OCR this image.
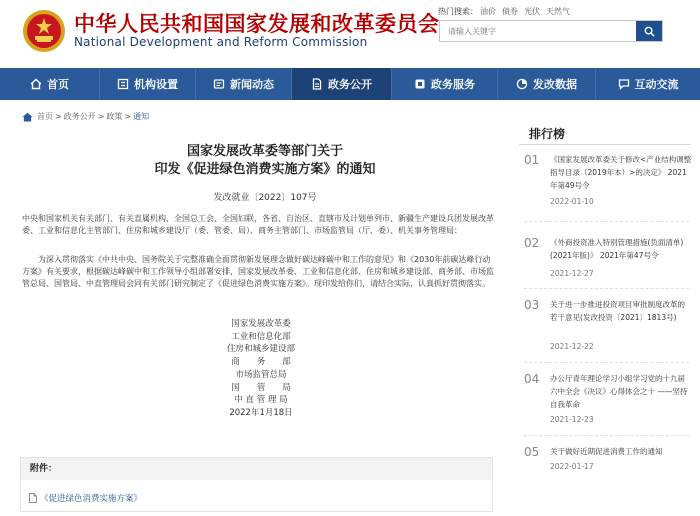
中华人民共和国国家发展和改革委员会
National Development and Reform Commission
热门搜索： 油价 债券 光伏 天然气
请输入关键字
首页	机构设置	新闻动态	政务公开	政务服务	发改数据	互动交流
首页 > 政务公开 > 政策 > 通知
国家发展改革委等部门关于
印发《促进绿色消费实施方案》的通知
发改就业〔2022〕107号
中央和国家机关有关部门、有关直属机构，全国总工会、全国妇联，各省、自治区、直辖市及计划单列市、新疆生产建设兵团发展改革委、工业和信息化主管部门、住房和城乡建设厅（委、管委、局）、商务主管部门、市场监管局（厅、委）、机关事务管理局：
为深入贯彻落实《中共中央、国务院关于完整准确全面贯彻新发展理念做好碳达峰碳中和工作的意见》和《2030年前碳达峰行动方案》有关要求，根据碳达峰碳中和工作领导小组部署安排，国家发展改革委、工业和信息化部、住房和城乡建设部、商务部、市场监管总局、国管局、中直管理局会同有关部门研究制定了《促进绿色消费实施方案》。现印发给你们，请结合实际，认真抓好贯彻落实。
国家发展改革委
工业和信息化部
住房和城乡建设部
商　　务　　部
市场监管总局
国　　管　　局
中 直 管 理 局
2022年1月18日
附件：
《促进绿色消费实施方案》
排行榜
01 《国家发展改革委关于修改<产业结构调整指导目录（2019年本）>的决定》 2021年第49号令
2022-01-10
02 《外商投资准入特别管理措施(负面清单)(2021年版)》 2021年第47号令
2021-12-27
03 关于进一步推进投资项目审批制度改革的若干意见(发改投资〔2021〕1813号)
2021-12-22
04 办公厅青年理论学习小组学习党的十九届六中全会《决议》心得体会之十 ——坚持自我革命
2021-12-23
05 关于做好近期促进消费工作的通知
2022-01-17
